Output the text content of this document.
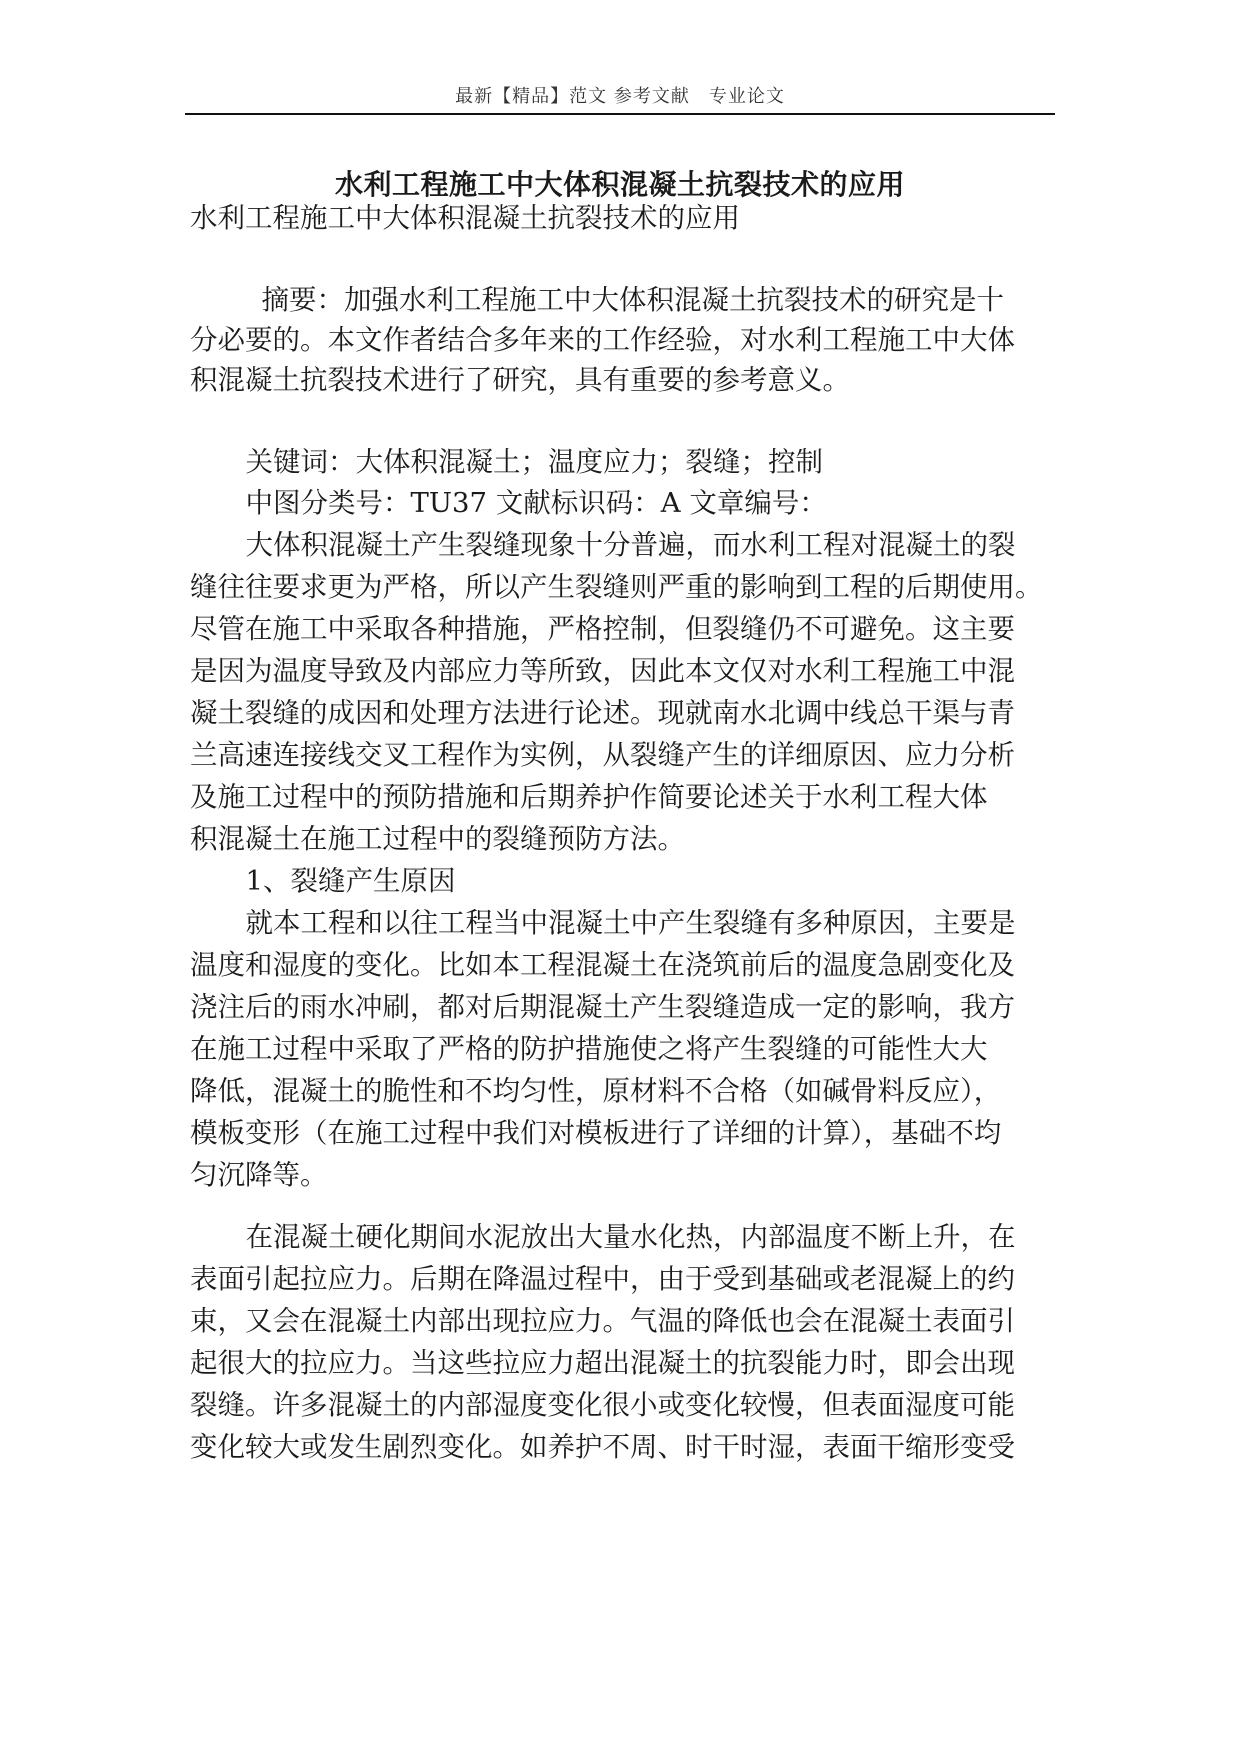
最新【精品】范文 参考文献　专业论文
水利工程施工中大体积混凝土抗裂技术的应用
水利工程施工中大体积混凝土抗裂技术的应用
　摘要：加强水利工程施工中大体积混凝土抗裂技术的研究是十
分必要的。本文作者结合多年来的工作经验，对水利工程施工中大体
积混凝土抗裂技术进行了研究，具有重要的参考意义。
　关键词：大体积混凝土；温度应力；裂缝；控制
　中图分类号：TU37 文献标识码：A 文章编号：
　大体积混凝土产生裂缝现象十分普遍，而水利工程对混凝土的裂
缝往往要求更为严格，所以产生裂缝则严重的影响到工程的后期使用。
尽管在施工中采取各种措施，严格控制，但裂缝仍不可避免。这主要
是因为温度导致及内部应力等所致，因此本文仅对水利工程施工中混
凝土裂缝的成因和处理方法进行论述。现就南水北调中线总干渠与青
兰高速连接线交叉工程作为实例，从裂缝产生的详细原因、应力分析
及施工过程中的预防措施和后期养护作简要论述关于水利工程大体
积混凝土在施工过程中的裂缝预防方法。
　1、裂缝产生原因
　就本工程和以往工程当中混凝土中产生裂缝有多种原因，主要是
温度和湿度的变化。比如本工程混凝土在浇筑前后的温度急剧变化及
浇注后的雨水冲刷，都对后期混凝土产生裂缝造成一定的影响，我方
在施工过程中采取了严格的防护措施使之将产生裂缝的可能性大大
降低，混凝土的脆性和不均匀性，原材料不合格（如碱骨料反应），
模板变形（在施工过程中我们对模板进行了详细的计算），基础不均
匀沉降等。
　在混凝土硬化期间水泥放出大量水化热，内部温度不断上升，在
表面引起拉应力。后期在降温过程中，由于受到基础或老混凝上的约
束，又会在混凝土内部出现拉应力。气温的降低也会在混凝土表面引
起很大的拉应力。当这些拉应力超出混凝土的抗裂能力时，即会出现
裂缝。许多混凝土的内部湿度变化很小或变化较慢，但表面湿度可能
变化较大或发生剧烈变化。如养护不周、时干时湿，表面干缩形变受
